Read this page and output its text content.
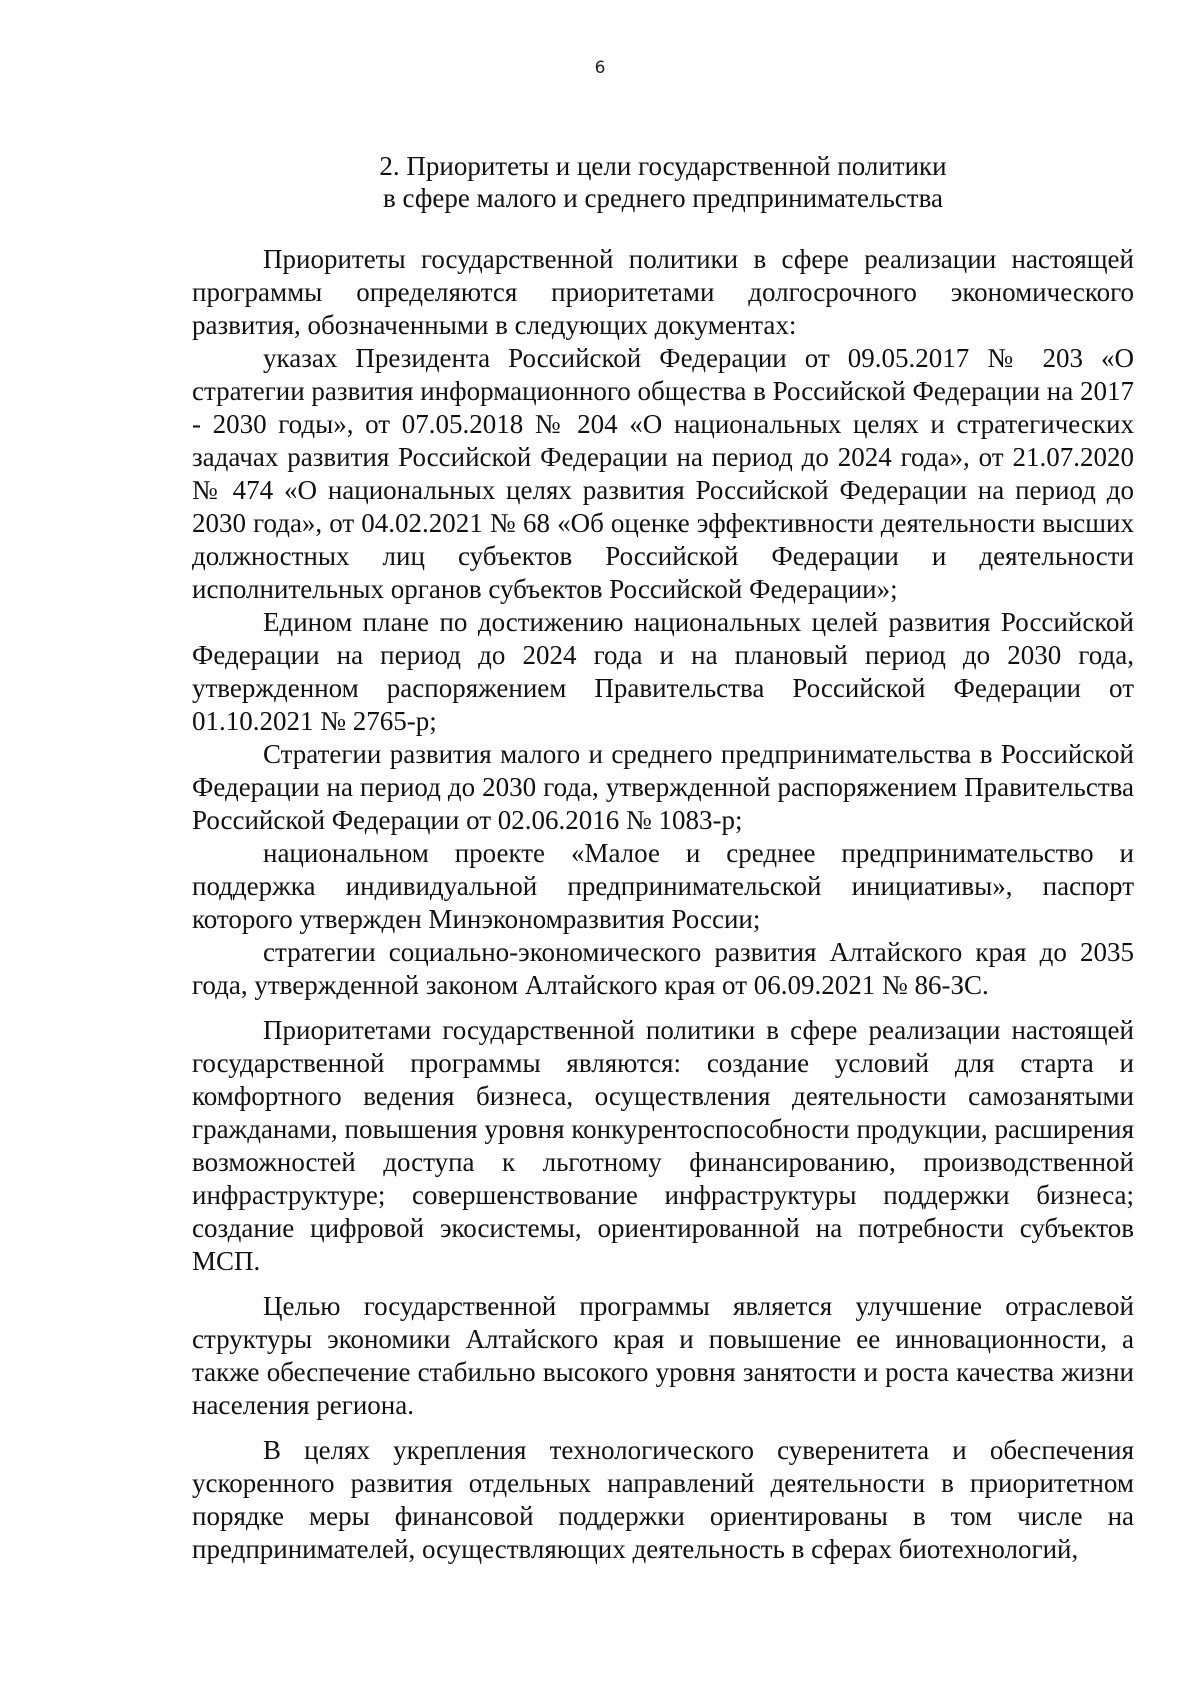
6
2. Приоритеты и цели государственной политики
в сфере малого и среднего предпринимательства

Приоритеты государственной политики в сфере реализации настоящей программы определяются приоритетами долгосрочного экономического развития, обозначенными в следующих документах:

указах Президента Российской Федерации от 09.05.2017 № 203 «О стратегии развития информационного общества в Российской Федерации на 2017 - 2030 годы», от 07.05.2018 № 204 «О национальных целях и стратегических задачах развития Российской Федерации на период до 2024 года», от 21.07.2020 № 474 «О национальных целях развития Российской Федерации на период до 2030 года», от 04.02.2021 № 68 «Об оценке эффективности деятельности высших должностных лиц субъектов Российской Федерации и деятельности исполнительных органов субъектов Российской Федерации»;

Едином плане по достижению национальных целей развития Российской Федерации на период до 2024 года и на плановый период до 2030 года, утвержденном распоряжением Правительства Российской Федерации от 01.10.2021 № 2765-р;

Стратегии развития малого и среднего предпринимательства в Российской Федерации на период до 2030 года, утвержденной распоряжением Правительства Российской Федерации от 02.06.2016 № 1083-р;

национальном проекте «Малое и среднее предпринимательство и поддержка индивидуальной предпринимательской инициативы», паспорт которого утвержден Минэкономразвития России;

стратегии социально-экономического развития Алтайского края до 2035 года, утвержденной законом Алтайского края от 06.09.2021 № 86-ЗС.

Приоритетами государственной политики в сфере реализации настоящей государственной программы являются: создание условий для старта и комфортного ведения бизнеса, осуществления деятельности самозанятыми гражданами, повышения уровня конкурентоспособности продукции, расширения возможностей доступа к льготному финансированию, производственной инфраструктуре; совершенствование инфраструктуры поддержки бизнеса; создание цифровой экосистемы, ориентированной на потребности субъектов МСП.

Целью государственной программы является улучшение отраслевой структуры экономики Алтайского края и повышение ее инновационности, а также обеспечение стабильно высокого уровня занятости и роста качества жизни населения региона.

В целях укрепления технологического суверенитета и обеспечения ускоренного развития отдельных направлений деятельности в приоритетном порядке меры финансовой поддержки ориентированы в том числе на предпринимателей, осуществляющих деятельность в сферах биотехнологий,
